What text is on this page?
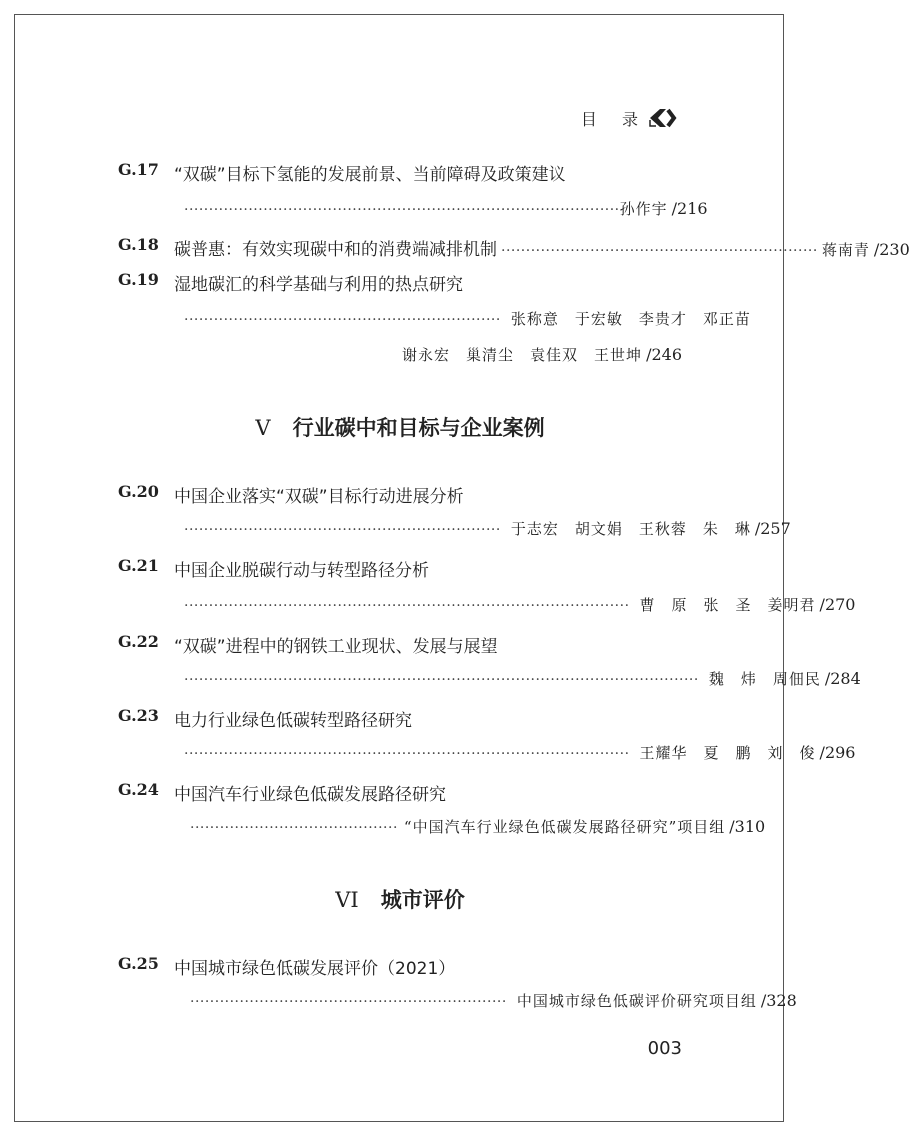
目 录
G.17 “双碳”目标下氢能的发展前景、当前障碍及政策建议
························································································ 孙作宇 / 216
G.18 碳普惠：有效实现碳中和的消费端减排机制 ································································ 蒋南青 / 230
G.19 湿地碳汇的科学基础与利用的热点研究
································································ 张称意　于宏敏　李贵才　邓正苗
谢永宏　巢清尘　袁佳双　王世坤 / 246
V 行业碳中和目标与企业案例
G.20 中国企业落实“双碳”目标行动进展分析
································································ 于志宏　胡文娟　王秋蓉　朱　琳 / 257
G.21 中国企业脱碳行动与转型路径分析
·························································································· 曹　原　张　圣　姜明君 / 270
G.22 “双碳”进程中的钢铁工业现状、发展与展望
········································································································ 魏　炜　周佃民 / 284
G.23 电力行业绿色低碳转型路径研究
·························································································· 王耀华　夏　鹏　刘　俊 / 296
G.24 中国汽车行业绿色低碳发展路径研究
·········································· “中国汽车行业绿色低碳发展路径研究”项目组 / 310
VI 城市评价
G.25 中国城市绿色低碳发展评价（2021）
································································ 中国城市绿色低碳评价研究项目组 / 328
003
